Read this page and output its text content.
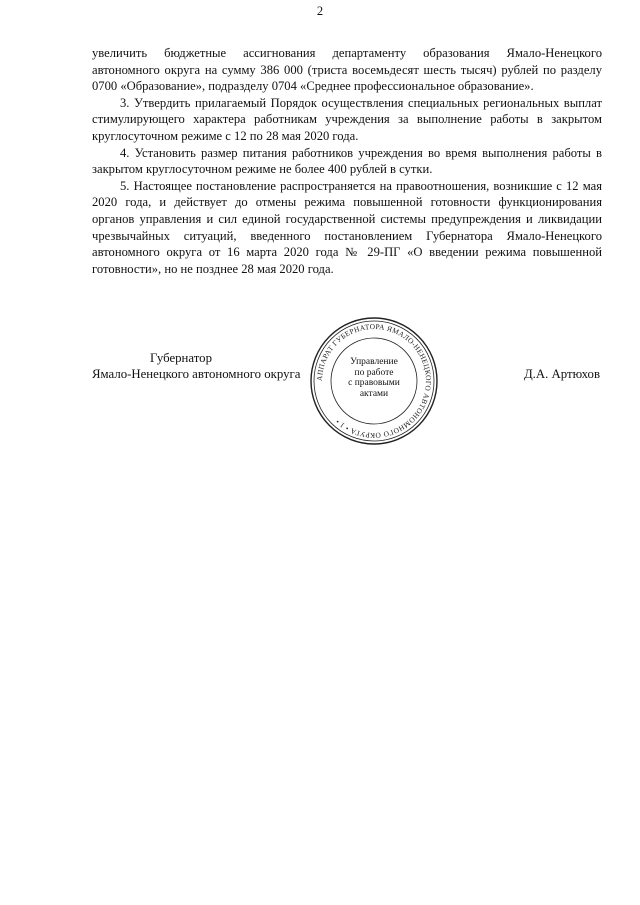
2

увеличить бюджетные ассигнования департаменту образования Ямало-Ненецкого автономного округа на сумму 386 000 (триста восемьдесят шесть тысяч) рублей по разделу 0700 «Образование», подразделу 0704 «Среднее профессиональное образование».

3. Утвердить прилагаемый Порядок осуществления специальных региональных выплат стимулирующего характера работникам учреждения за выполнение работы в закрытом круглосуточном режиме с 12 по 28 мая 2020 года.

4. Установить размер питания работников учреждения во время выполнения работы в закрытом круглосуточном режиме не более 400 рублей в сутки.

5. Настоящее постановление распространяется на правоотношения, возникшие с 12 мая 2020 года, и действует до отмены режима повышенной готовности функционирования органов управления и сил единой государственной системы предупреждения и ликвидации чрезвычайных ситуаций, введенного постановлением Губернатора Ямало-Ненецкого автономного округа от 16 марта 2020 года № 29-ПГ «О введении режима повышенной готовности», но не позднее 28 мая 2020 года.

Губернатор
Ямало-Ненецкого автономного округа	Д.А. Артюхов
АППАРАТ ГУБЕРНАТОРА ЯМАЛО-НЕНЕЦКОГО АВТОНОМНОГО ОКРУГА • 1 •
Управление
по работе
с правовыми
актами
